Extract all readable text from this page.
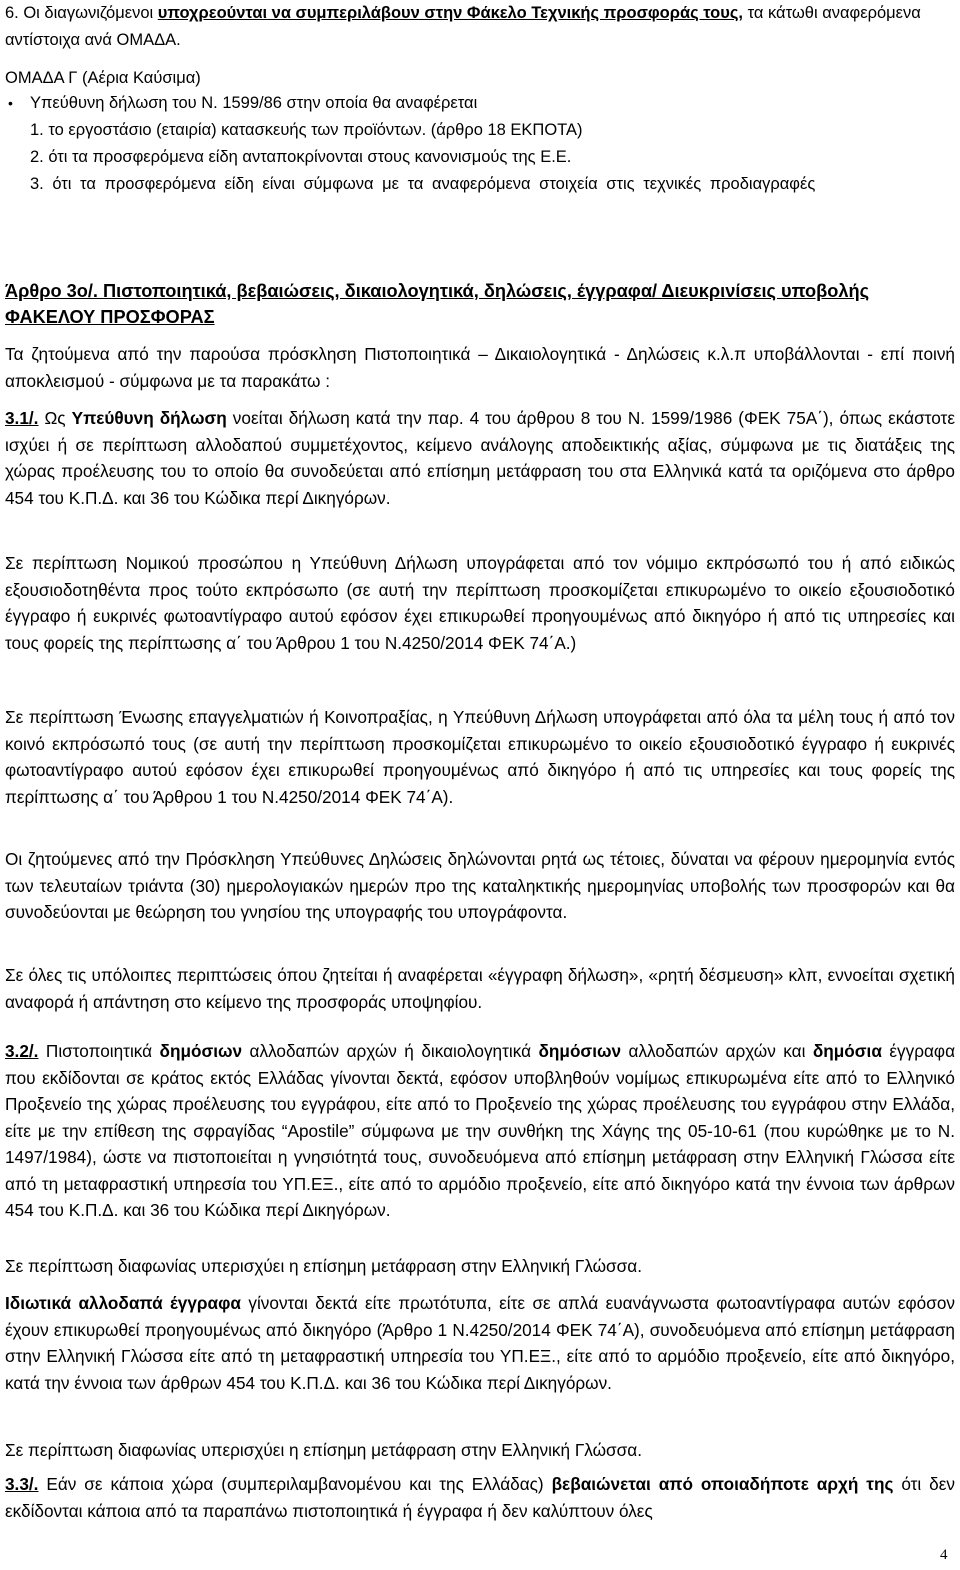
6. Οι διαγωνιζόμενοι υποχρεούνται να συμπεριλάβουν στην Φάκελο Τεχνικής προσφοράς τους, τα κάτωθι αναφερόμενα αντίστοιχα ανά ΟΜΑΔΑ.
ΟΜΑΔΑ Γ (Αέρια Καύσιμα)
• Υπεύθυνη δήλωση του Ν. 1599/86 στην οποία θα αναφέρεται
1. το εργοστάσιο (εταιρία) κατασκευής των προϊόντων. (άρθρο 18 ΕΚΠΟΤΑ)
2. ότι τα προσφερόμενα είδη ανταποκρίνονται στους κανονισμούς της Ε.Ε.
3. ότι τα προσφερόμενα είδη είναι σύμφωνα με τα αναφερόμενα στοιχεία στις τεχνικές προδιαγραφές
Άρθρο 3ο/. Πιστοποιητικά, βεβαιώσεις, δικαιολογητικά, δηλώσεις, έγγραφα/ Διευκρινίσεις υποβολής ΦΑΚΕΛΟΥ ΠΡΟΣΦΟΡΑΣ
Τα ζητούμενα από την παρούσα πρόσκληση Πιστοποιητικά – Δικαιολογητικά - Δηλώσεις κ.λ.π υποβάλλονται - επί ποινή αποκλεισμού - σύμφωνα με τα παρακάτω :
3.1/. Ως Υπεύθυνη δήλωση νοείται δήλωση κατά την παρ. 4 του άρθρου 8 του Ν. 1599/1986 (ΦΕΚ 75Α΄), όπως εκάστοτε ισχύει ή σε περίπτωση αλλοδαπού συμμετέχοντος, κείμενο ανάλογης αποδεικτικής αξίας, σύμφωνα με τις διατάξεις της χώρας προέλευσης του το οποίο θα συνοδεύεται από επίσημη μετάφραση του στα Ελληνικά κατά τα οριζόμενα στο άρθρο 454 του Κ.Π.Δ. και 36 του Κώδικα περί Δικηγόρων.
Σε περίπτωση Νομικού προσώπου η Υπεύθυνη Δήλωση υπογράφεται από τον νόμιμο εκπρόσωπό του ή από ειδικώς εξουσιοδοτηθέντα προς τούτο εκπρόσωπο (σε αυτή την περίπτωση προσκομίζεται επικυρωμένο το οικείο εξουσιοδοτικό έγγραφο ή ευκρινές φωτοαντίγραφο αυτού εφόσον έχει επικυρωθεί προηγουμένως από δικηγόρο ή από τις υπηρεσίες και τους φορείς της περίπτωσης α΄ του Άρθρου 1 του Ν.4250/2014 ΦΕΚ 74΄Α.)
Σε περίπτωση Ένωσης επαγγελματιών ή Κοινοπραξίας, η Υπεύθυνη Δήλωση υπογράφεται από όλα τα μέλη τους ή από τον κοινό εκπρόσωπό τους (σε αυτή την περίπτωση προσκομίζεται επικυρωμένο το οικείο εξουσιοδοτικό έγγραφο ή ευκρινές φωτοαντίγραφο αυτού εφόσον έχει επικυρωθεί προηγουμένως από δικηγόρο ή από τις υπηρεσίες και τους φορείς της περίπτωσης α΄ του Άρθρου 1 του Ν.4250/2014 ΦΕΚ 74΄Α).
Οι ζητούμενες από την Πρόσκληση Υπεύθυνες Δηλώσεις δηλώνονται ρητά ως τέτοιες, δύναται να φέρουν ημερομηνία εντός των τελευταίων τριάντα (30) ημερολογιακών ημερών προ της καταληκτικής ημερομηνίας υποβολής των προσφορών και θα συνοδεύονται με θεώρηση του γνησίου της υπογραφής του υπογράφοντα.
Σε όλες τις υπόλοιπες περιπτώσεις όπου ζητείται ή αναφέρεται «έγγραφη δήλωση», «ρητή δέσμευση» κλπ, εννοείται σχετική αναφορά ή απάντηση στο κείμενο της προσφοράς υποψηφίου.
3.2/. Πιστοποιητικά δημόσιων αλλοδαπών αρχών ή δικαιολογητικά δημόσιων αλλοδαπών αρχών και δημόσια έγγραφα που εκδίδονται σε κράτος εκτός Ελλάδας γίνονται δεκτά, εφόσον υποβληθούν νομίμως επικυρωμένα είτε από το Ελληνικό Προξενείο της χώρας προέλευσης του εγγράφου, είτε από το Προξενείο της χώρας προέλευσης του εγγράφου στην Ελλάδα, είτε με την επίθεση της σφραγίδας “Apostile” σύμφωνα με την συνθήκη της Χάγης της 05-10-61 (που κυρώθηκε με το Ν. 1497/1984), ώστε να πιστοποιείται η γνησιότητά τους, συνοδευόμενα από επίσημη μετάφραση στην Ελληνική Γλώσσα είτε από τη μεταφραστική υπηρεσία του ΥΠ.ΕΞ., είτε από το αρμόδιο προξενείο, είτε από δικηγόρο κατά την έννοια των άρθρων 454 του Κ.Π.Δ. και 36 του Κώδικα περί Δικηγόρων.
Σε περίπτωση διαφωνίας υπερισχύει η επίσημη μετάφραση στην Ελληνική Γλώσσα.
Ιδιωτικά αλλοδαπά έγγραφα γίνονται δεκτά είτε πρωτότυπα, είτε σε απλά ευανάγνωστα φωτοαντίγραφα αυτών εφόσον έχουν επικυρωθεί προηγουμένως από δικηγόρο (Άρθρο 1 Ν.4250/2014 ΦΕΚ 74΄Α), συνοδευόμενα από επίσημη μετάφραση στην Ελληνική Γλώσσα είτε από τη μεταφραστική υπηρεσία του ΥΠ.ΕΞ., είτε από το αρμόδιο προξενείο, είτε από δικηγόρο, κατά την έννοια των άρθρων 454 του Κ.Π.Δ. και 36 του Κώδικα περί Δικηγόρων.
Σε περίπτωση διαφωνίας υπερισχύει η επίσημη μετάφραση στην Ελληνική Γλώσσα.
3.3/. Εάν σε κάποια χώρα (συμπεριλαμβανομένου και της Ελλάδας) βεβαιώνεται από οποιαδήποτε αρχή της ότι δεν εκδίδονται κάποια από τα παραπάνω πιστοποιητικά ή έγγραφα ή δεν καλύπτουν όλες
4
